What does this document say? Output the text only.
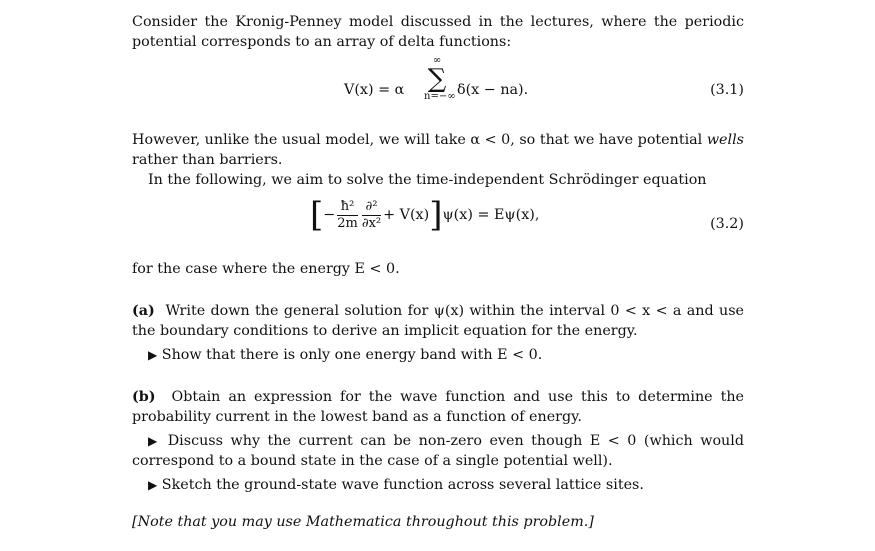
Consider the Kronig-Penney model discussed in the lectures, where the periodic potential corresponds to an array of delta functions:

V(x) = α
∞
∑
n=−∞ δ(x − na).	(3.1)

However, unlike the usual model, we will take α < 0, so that we have potential wells rather than barriers.

In the following, we aim to solve the time-independent Schrödinger equation

[− $\frac{\text{ħ²}}{2m} \frac{\text{∂²}}{\text{∂x²}} + V(x)]\psi(x) = E\psi(x)$,
(3.2)

for the case where the energy E < 0.

(a) Write down the general solution for ψ(x) within the interval 0 < x < a and use the boundary conditions to derive an implicit equation for the energy.

▶ Show that there is only one energy band with E < 0.

(b) Obtain an expression for the wave function and use this to determine the probability current in the lowest band as a function of energy.

▶ Discuss why the current can be non-zero even though E < 0 (which would correspond to a bound state in the case of a single potential well).

▶ Sketch the ground-state wave function across several lattice sites.

[Note that you may use Mathematica throughout this problem.]
